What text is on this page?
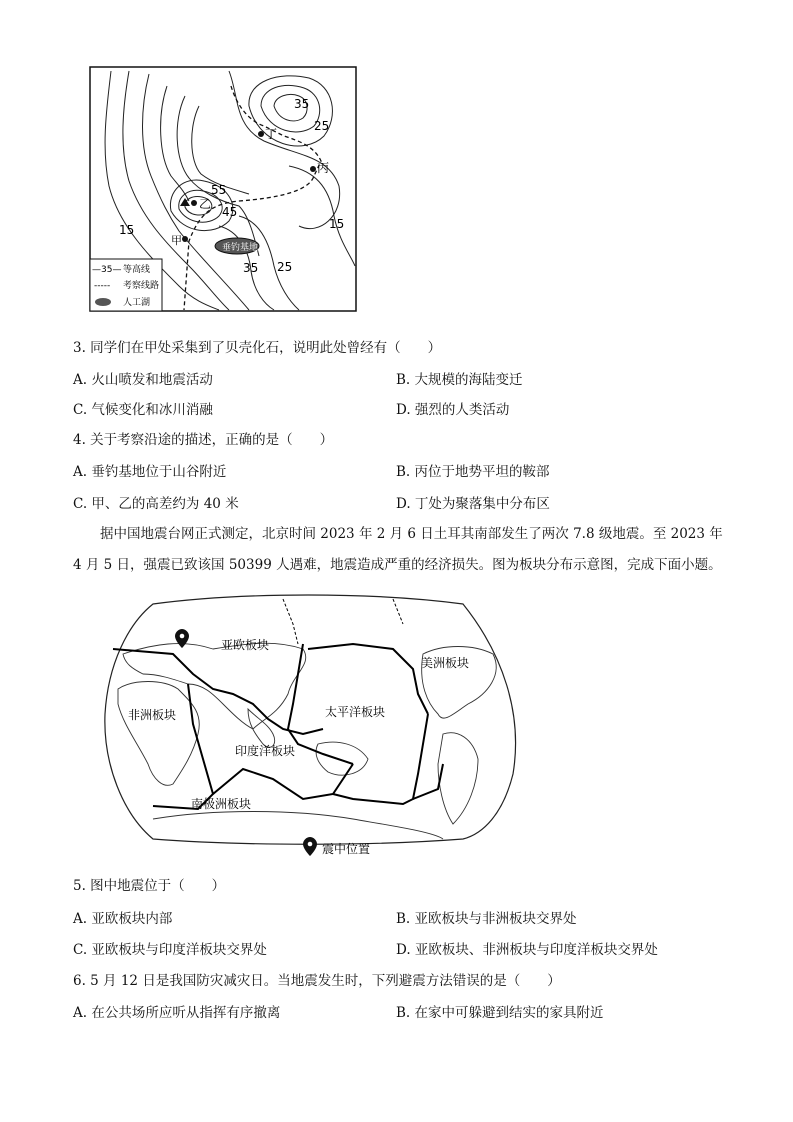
垂钓基地
15	15
25
25
35
35
45
55
乙
甲
丙
丁
—35— 等高线
----- 考察线路
人工湖
3. 同学们在甲处采集到了贝壳化石，说明此处曾经有（　　）
A. 火山喷发和地震活动	B. 大规模的海陆变迁
C. 气候变化和冰川消融	D. 强烈的人类活动
4. 关于考察沿途的描述，正确的是（　　）
A. 垂钓基地位于山谷附近	B. 丙位于地势平坦的鞍部
C. 甲、乙的高差约为 40 米	D. 丁处为聚落集中分布区
据中国地震台网正式测定，北京时间 2023 年 2 月 6 日土耳其南部发生了两次 7.8 级地震。至 2023 年 4 月 5 日，强震已致该国 50399 人遇难，地震造成严重的经济损失。图为板块分布示意图，完成下面小题。
亚欧板块
美洲板块
非洲板块	太平洋板块
印度洋板块
南极洲板块
震中位置
5. 图中地震位于（　　）
A. 亚欧板块内部	B. 亚欧板块与非洲板块交界处
C. 亚欧板块与印度洋板块交界处	D. 亚欧板块、非洲板块与印度洋板块交界处
6. 5 月 12 日是我国防灾减灾日。当地震发生时，下列避震方法错误的是（　　）
A. 在公共场所应听从指挥有序撤离	B. 在家中可躲避到结实的家具附近
